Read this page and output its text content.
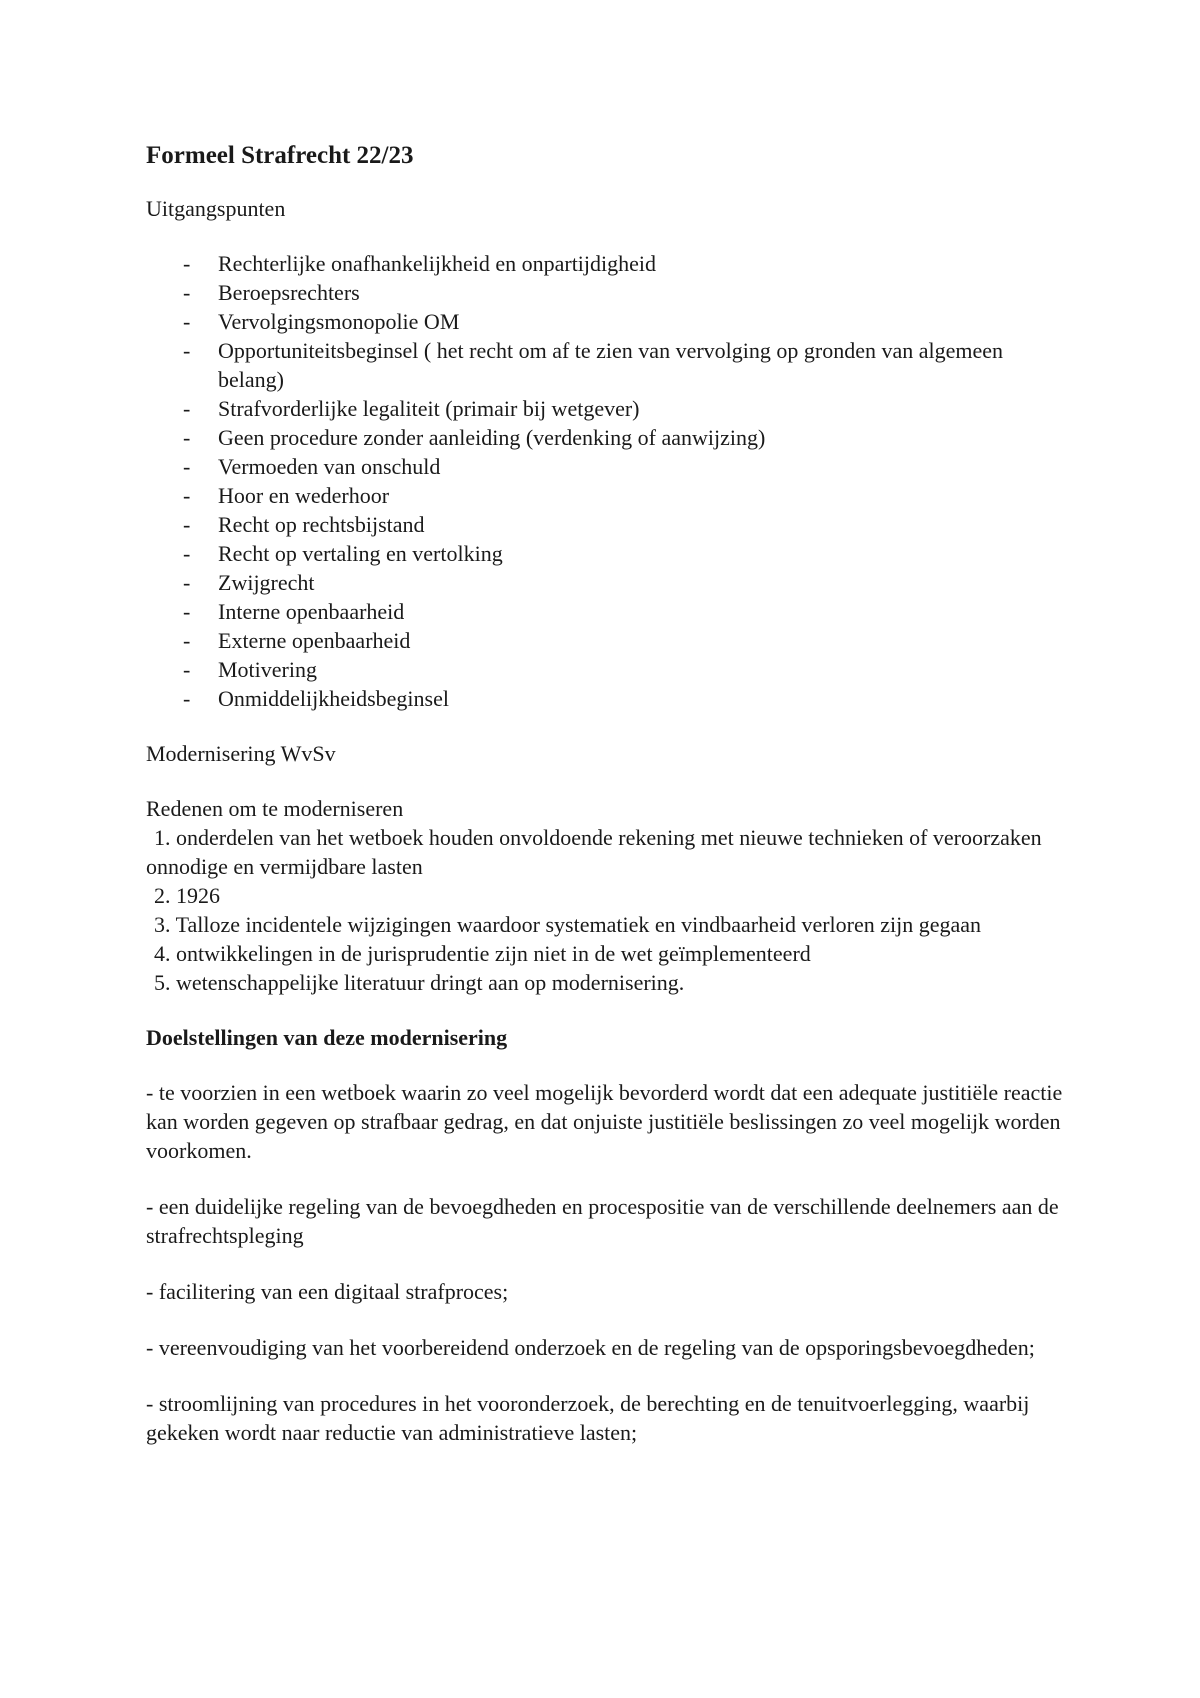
Formeel Strafrecht 22/23
Uitgangspunten
- Rechterlijke onafhankelijkheid en onpartijdigheid
- Beroepsrechters
- Vervolgingsmonopolie OM
- Opportuniteitsbeginsel ( het recht om af te zien van vervolging op gronden van algemeen belang)
- Strafvorderlijke legaliteit (primair bij wetgever)
- Geen procedure zonder aanleiding (verdenking of aanwijzing)
- Vermoeden van onschuld
- Hoor en wederhoor
- Recht op rechtsbijstand
- Recht op vertaling en vertolking
- Zwijgrecht
- Interne openbaarheid
- Externe openbaarheid
- Motivering
- Onmiddelijkheidsbeginsel
Modernisering WvSv
Redenen om te moderniseren
1. onderdelen van het wetboek houden onvoldoende rekening met nieuwe technieken of veroorzaken onnodige en vermijdbare lasten
2. 1926
3. Talloze incidentele wijzigingen waardoor systematiek en vindbaarheid verloren zijn gegaan
4. ontwikkelingen in de jurisprudentie zijn niet in de wet geïmplementeerd
5. wetenschappelijke literatuur dringt aan op modernisering.
Doelstellingen van deze modernisering
- te voorzien in een wetboek waarin zo veel mogelijk bevorderd wordt dat een adequate justitiële reactie kan worden gegeven op strafbaar gedrag, en dat onjuiste justitiële beslissingen zo veel mogelijk worden voorkomen.
- een duidelijke regeling van de bevoegdheden en procespositie van de verschillende deelnemers aan de strafrechtspleging
- facilitering van een digitaal strafproces;
- vereenvoudiging van het voorbereidend onderzoek en de regeling van de opsporingsbevoegdheden;
- stroomlijning van procedures in het vooronderzoek, de berechting en de tenuitvoerlegging, waarbij gekeken wordt naar reductie van administratieve lasten;
